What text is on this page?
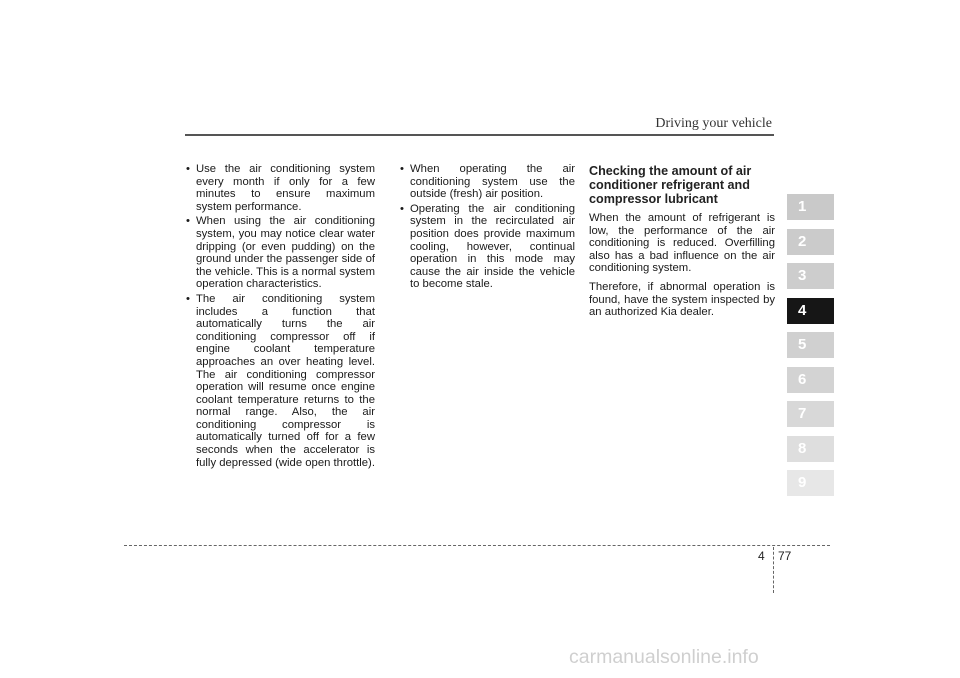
Driving your vehicle
• Use the air conditioning system every month if only for a few minutes to ensure maximum system performance.
• When using the air conditioning system, you may notice clear water dripping (or even pudding) on the ground under the passenger side of the vehicle. This is a normal system operation characteristics.
• The air conditioning system includes a function that automatically turns the air conditioning compressor off if engine coolant temperature approaches an over heating level. The air conditioning compressor operation will resume once engine coolant temperature returns to the normal range. Also, the air conditioning compressor is automatically turned off for a few seconds when the accelerator is fully depressed (wide open throttle).
• When operating the air conditioning system use the outside (fresh) air position.
• Operating the air conditioning system in the recirculated air position does provide maximum cooling, however, continual operation in this mode may cause the air inside the vehicle to become stale.
Checking the amount of air conditioner refrigerant and compressor lubricant

When the amount of refrigerant is low, the performance of the air conditioning is reduced. Overfilling also has a bad influence on the air conditioning system.

Therefore, if abnormal operation is found, have the system inspected by an authorized Kia dealer.

1
2
3
4
5
6
7
8
9
4 77
carmanualsonline.info
